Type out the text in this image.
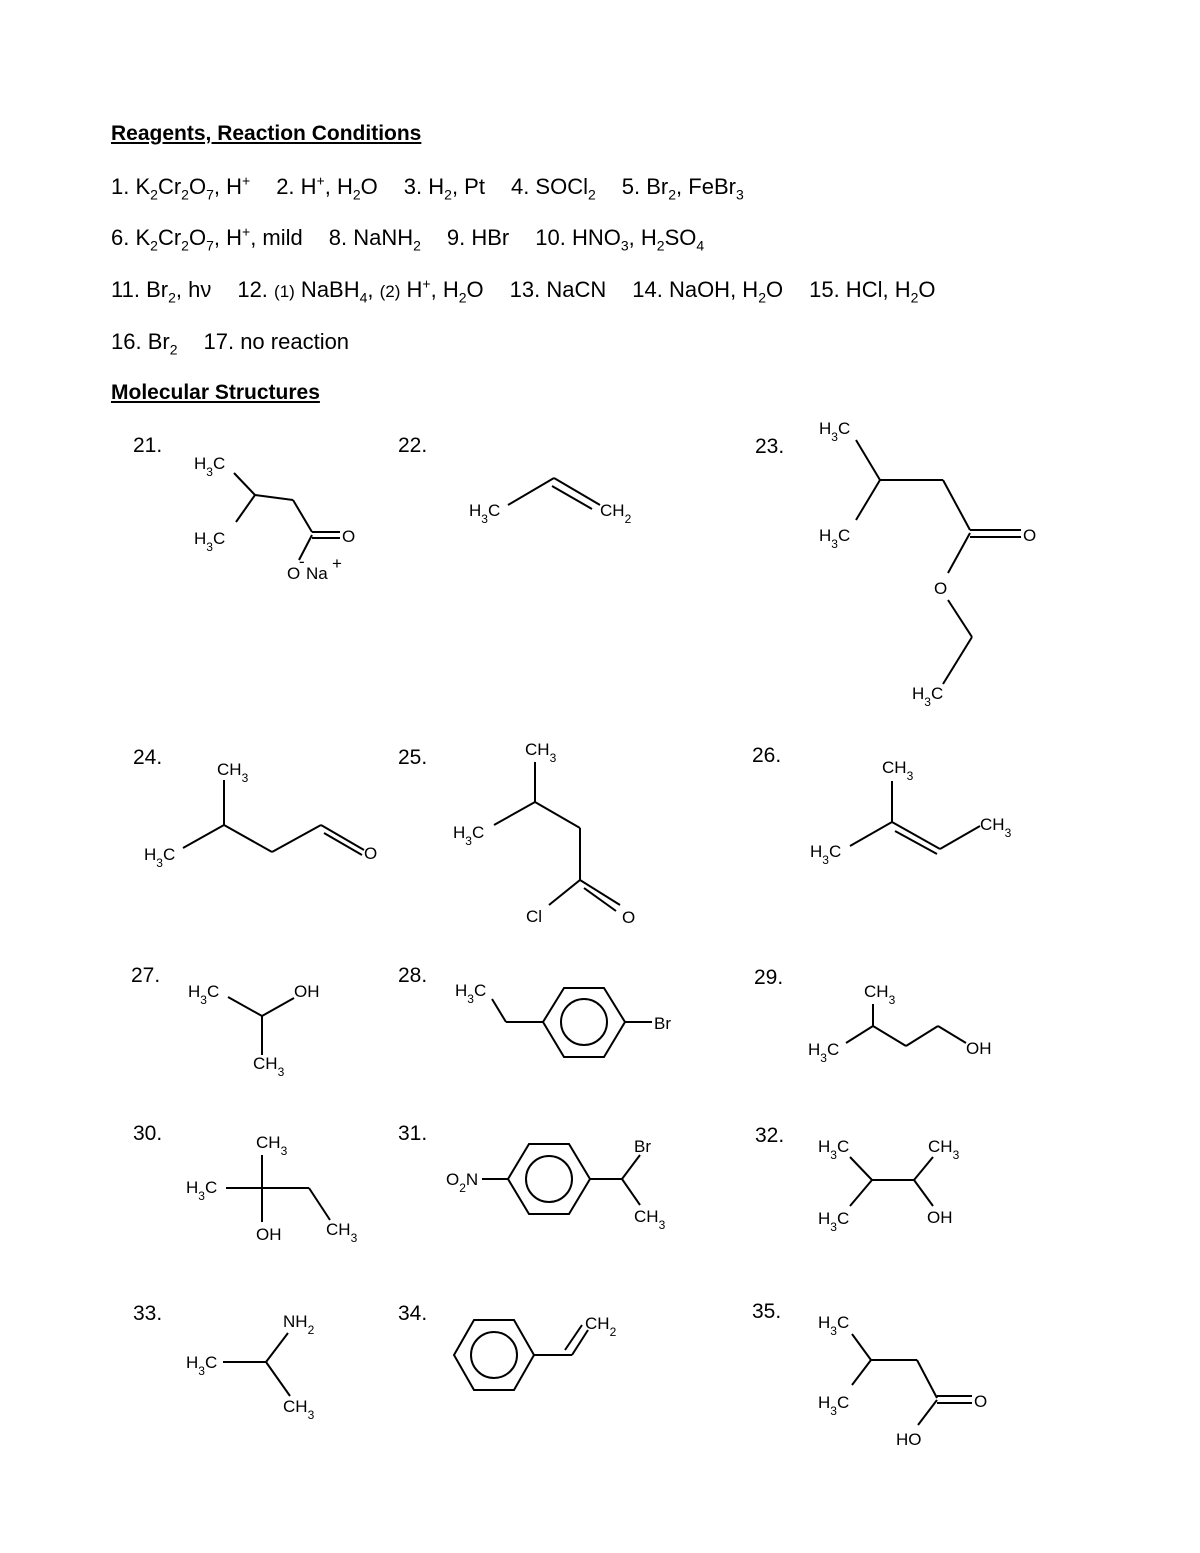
Reagents, Reaction Conditions
1. $K_2Cr_2O_7$, H+ 2. H+, $H_2O$ 3. $H_2$, Pt 4. SOCl$_2$ 5. $Br_2$, FeBr$_3$
6. $K_2Cr_2O_7$, H+, mild 8. NaNH$_2$ 9. HBr 10. $HNO_3$, $H_2SO_4$
11. $Br_2$, hν 12. (1) NaBH$_4$, (2) H+, $H_2O$ 13. NaCN 14. NaOH, $H_2O$ 15. HCl, $H_2O$
16. $Br_2$ 17. no reaction
Molecular Structures
21.	22.	23.
24.	25.	26.
27.	28.	29.
30.	31.	32.
33.	34.	35.
$H_3C$
$H_3C$	O
O
-
Na
+
$H_3C$	$CH_2$
$H_3C$
$H_3C$	O
O
$H_3C$
$CH_3$
$H_3C$	O
$CH_3$
$H_3C$
Cl	O
$CH_3$
$H_3C$
$CH_3$
$H_3C$	OH
$CH_3$
$H_3C$
Br
$CH_3$
$H_3C$	OH
$CH_3$
$H_3C$
OH	$CH_3$
$O_2N$
Br
$CH_3$
$H_3C$
$H_3C$
$CH_3$
OH
$NH_2$
$H_3C$
$CH_3$
$CH_2$	$H_3C$
$H_3C$	O
HO
